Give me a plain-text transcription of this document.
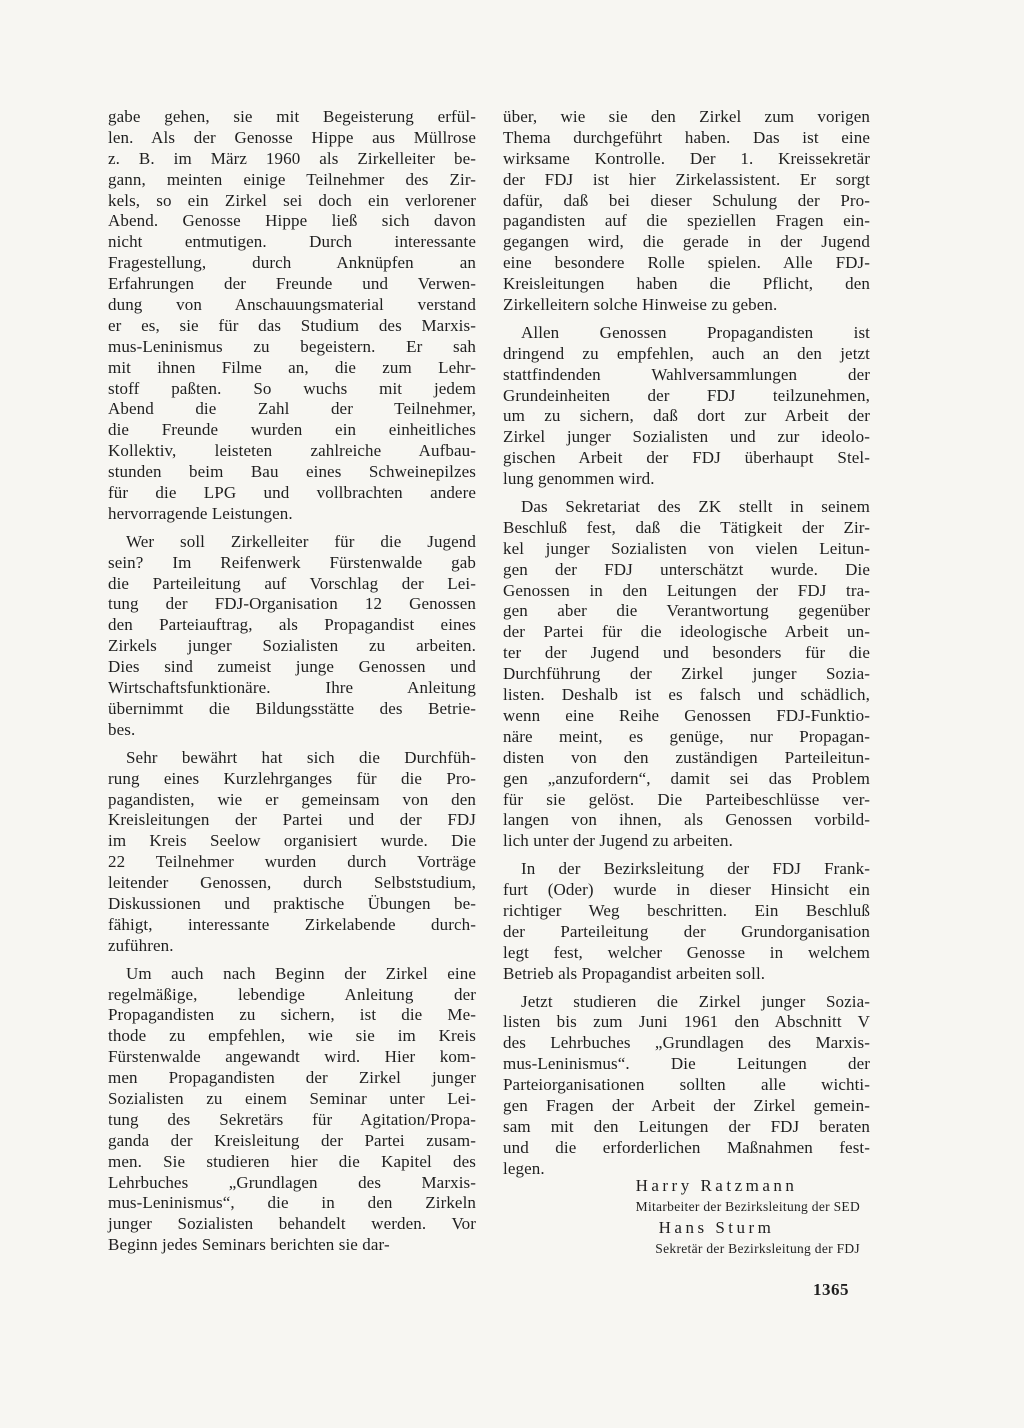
gabe gehen, sie mit Begeisterung erfül-
len. Als der Genosse Hippe aus Müllrose
z. B. im März 1960 als Zirkelleiter be-
gann, meinten einige Teilnehmer des Zir-
kels, so ein Zirkel sei doch ein verlorener
Abend. Genosse Hippe ließ sich davon
nicht entmutigen. Durch interessante
Fragestellung, durch Anknüpfen an
Erfahrungen der Freunde und Verwen-
dung von Anschauungsmaterial verstand
er es, sie für das Studium des Marxis-
mus-Leninismus zu begeistern. Er sah
mit ihnen Filme an, die zum Lehr-
stoff paßten. So wuchs mit jedem
Abend die Zahl der Teilnehmer,
die Freunde wurden ein einheitliches
Kollektiv, leisteten zahlreiche Aufbau-
stunden beim Bau eines Schweinepilzes
für die LPG und vollbrachten andere
hervorragende Leistungen.
Wer soll Zirkelleiter für die Jugend
sein? Im Reifenwerk Fürstenwalde gab
die Parteileitung auf Vorschlag der Lei-
tung der FDJ-Organisation 12 Genossen
den Parteiauftrag, als Propagandist eines
Zirkels junger Sozialisten zu arbeiten.
Dies sind zumeist junge Genossen und
Wirtschaftsfunktionäre. Ihre Anleitung
übernimmt die Bildungsstätte des Betrie-
bes.
Sehr bewährt hat sich die Durchfüh-
rung eines Kurzlehrganges für die Pro-
pagandisten, wie er gemeinsam von den
Kreisleitungen der Partei und der FDJ
im Kreis Seelow organisiert wurde. Die
22 Teilnehmer wurden durch Vorträge
leitender Genossen, durch Selbststudium,
Diskussionen und praktische Übungen be-
fähigt, interessante Zirkelabende durch-
zuführen.
Um auch nach Beginn der Zirkel eine
regelmäßige, lebendige Anleitung der
Propagandisten zu sichern, ist die Me-
thode zu empfehlen, wie sie im Kreis
Fürstenwalde angewandt wird. Hier kom-
men Propagandisten der Zirkel junger
Sozialisten zu einem Seminar unter Lei-
tung des Sekretärs für Agitation/Propa-
ganda der Kreisleitung der Partei zusam-
men. Sie studieren hier die Kapitel des
Lehrbuches „Grundlagen des Marxis-
mus-Leninismus“, die in den Zirkeln
junger Sozialisten behandelt werden. Vor
Beginn jedes Seminars berichten sie dar-
über, wie sie den Zirkel zum vorigen
Thema durchgeführt haben. Das ist eine
wirksame Kontrolle. Der 1. Kreissekretär
der FDJ ist hier Zirkelassistent. Er sorgt
dafür, daß bei dieser Schulung der Pro-
pagandisten auf die speziellen Fragen ein-
gegangen wird, die gerade in der Jugend
eine besondere Rolle spielen. Alle FDJ-
Kreisleitungen haben die Pflicht, den
Zirkelleitern solche Hinweise zu geben.
Allen Genossen Propagandisten ist
dringend zu empfehlen, auch an den jetzt
stattfindenden Wahlversammlungen der
Grundeinheiten der FDJ teilzunehmen,
um zu sichern, daß dort zur Arbeit der
Zirkel junger Sozialisten und zur ideolo-
gischen Arbeit der FDJ überhaupt Stel-
lung genommen wird.
Das Sekretariat des ZK stellt in seinem
Beschluß fest, daß die Tätigkeit der Zir-
kel junger Sozialisten von vielen Leitun-
gen der FDJ unterschätzt wurde. Die
Genossen in den Leitungen der FDJ tra-
gen aber die Verantwortung gegenüber
der Partei für die ideologische Arbeit un-
ter der Jugend und besonders für die
Durchführung der Zirkel junger Sozia-
listen. Deshalb ist es falsch und schädlich,
wenn eine Reihe Genossen FDJ-Funktio-
näre meint, es genüge, nur Propagan-
disten von den zuständigen Parteileitun-
gen „anzufordern“, damit sei das Problem
für sie gelöst. Die Parteibeschlüsse ver-
langen von ihnen, als Genossen vorbild-
lich unter der Jugend zu arbeiten.
In der Bezirksleitung der FDJ Frank-
furt (Oder) wurde in dieser Hinsicht ein
richtiger Weg beschritten. Ein Beschluß
der Parteileitung der Grundorganisation
legt fest, welcher Genosse in welchem
Betrieb als Propagandist arbeiten soll.
Jetzt studieren die Zirkel junger Sozia-
listen bis zum Juni 1961 den Abschnitt V
des Lehrbuches „Grundlagen des Marxis-
mus-Leninismus“. Die Leitungen der
Parteiorganisationen sollten alle wichti-
gen Fragen der Arbeit der Zirkel gemein-
sam mit den Leitungen der FDJ beraten
und die erforderlichen Maßnahmen fest-
legen.
Harry Ratzmann
Mitarbeiter der Bezirksleitung der SED
Hans Sturm
Sekretär der Bezirksleitung der FDJ
1365
